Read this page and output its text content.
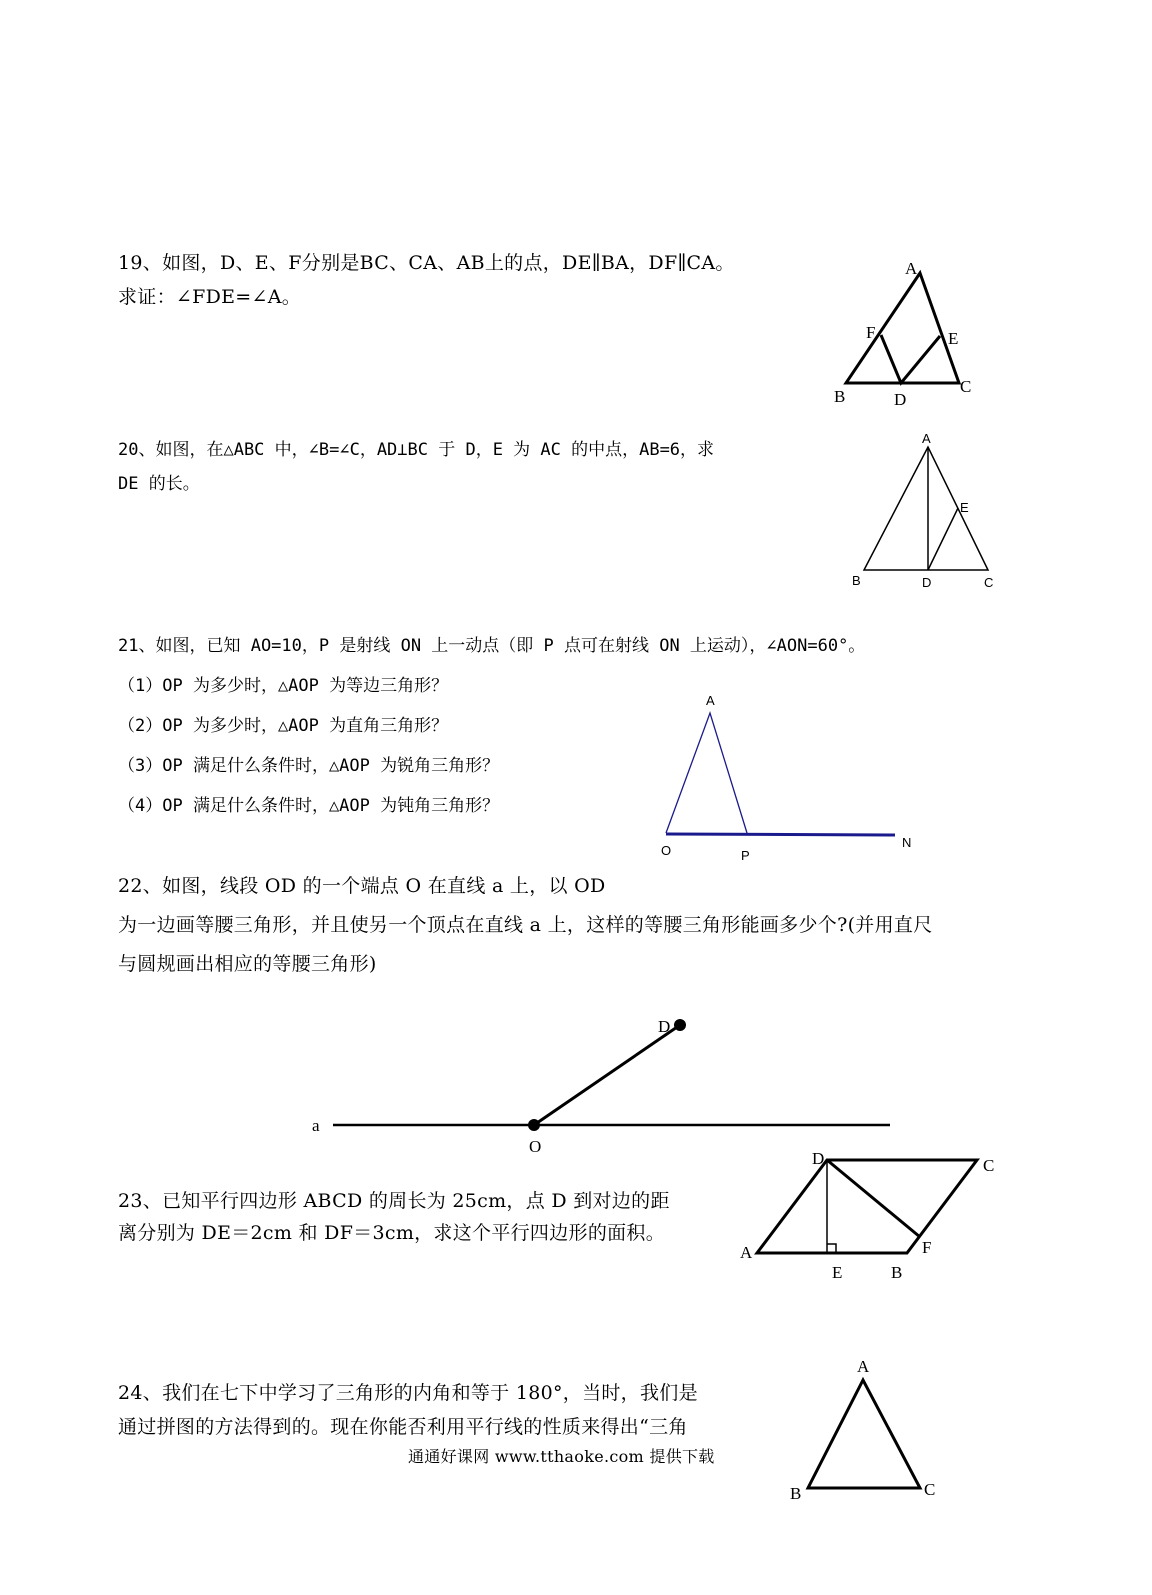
19、如图，D、E、F分别是BC、CA、AB上的点，DE∥BA，DF∥CA。
求证：∠FDE=∠A。
20、如图，在△ABC 中，∠B=∠C，AD⊥BC 于 D，E 为 AC 的中点，AB=6，求
DE 的长。
21、如图，已知 AO=10，P 是射线 ON 上一动点（即 P 点可在射线 ON 上运动），∠AON=60°。
（1）OP 为多少时，△AOP 为等边三角形？
（2）OP 为多少时，△AOP 为直角三角形？
（3）OP 满足什么条件时，△AOP 为锐角三角形？
（4）OP 满足什么条件时，△AOP 为钝角三角形？
22、如图，线段 OD 的一个端点 O 在直线 a 上，以 OD
为一边画等腰三角形，并且使另一个顶点在直线 a 上，这样的等腰三角形能画多少个?(并用直尺
与圆规画出相应的等腰三角形)
23、已知平行四边形 ABCD 的周长为 25cm，点 D 到对边的距
离分别为 DE＝2cm 和 DF＝3cm，求这个平行四边形的面积。
24、我们在七下中学习了三角形的内角和等于 180°，当时，我们是
通过拼图的方法得到的。现在你能否利用平行线的性质来得出“三角
通通好课网 www.tthaoke.com 提供下载
A
F	E
B	D
C
A
E
B	D	C
A
O	P
N
D
a
O
D	C
A	F
E	B
A
B	C
